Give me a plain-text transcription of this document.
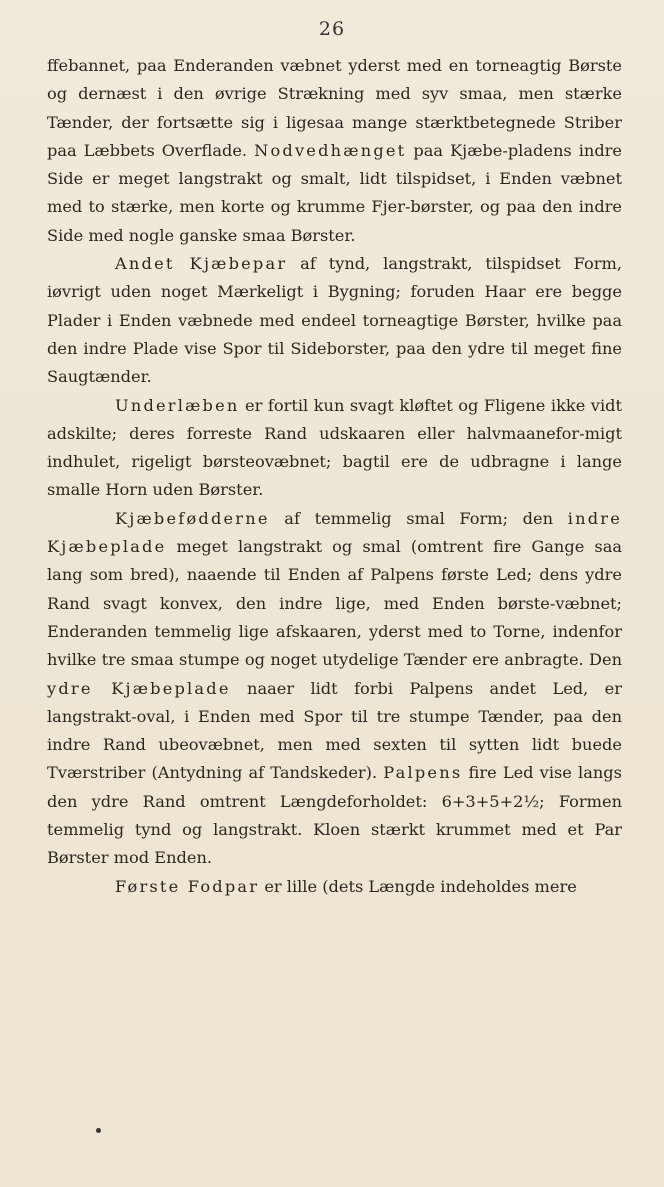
26

ffebannet, paa Enderanden væbnet yderst med en torneagtig Børste og dernæst i den øvrige Strækning med syv smaa, men stærke Tænder, der fortsætte sig i ligesaa mange stærktbetegnede Striber paa Læbbets Overflade. Nodvedhænget paa Kjæbe-pladens indre Side er meget langstrakt og smalt, lidt tilspidset, i Enden væbnet med to stærke, men korte og krumme Fjer-børster, og paa den indre Side med nogle ganske smaa Børster.

Andet Kjæbepar af tynd, langstrakt, tilspidset Form, iøvrigt uden noget Mærkeligt i Bygning; foruden Haar ere begge Plader i Enden væbnede med endeel torneagtige Børster, hvilke paa den indre Plade vise Spor til Sideborster, paa den ydre til meget fine Saugtænder.

Underlæben er fortil kun svagt kløftet og Fligene ikke vidt adskilte; deres forreste Rand udskaaren eller halvmaanefor-migt indhulet, rigeligt børsteovæbnet; bagtil ere de udbragne i lange smalle Horn uden Børster.

Kjæbefødderne af temmelig smal Form; den indre Kjæbeplade meget langstrakt og smal (omtrent fire Gange saa lang som bred), naaende til Enden af Palpens første Led; dens ydre Rand svagt konvex, den indre lige, med Enden børste-væbnet; Enderanden temmelig lige afskaaren, yderst med to Torne, indenfor hvilke tre smaa stumpe og noget utydelige Tænder ere anbragte. Den ydre Kjæbeplade naaer lidt forbi Palpens andet Led, er langstrakt-oval, i Enden med Spor til tre stumpe Tænder, paa den indre Rand ubeovæbnet, men med sexten til sytten lidt buede Tværstriber (Antydning af Tandskeder). Palpens fire Led vise langs den ydre Rand omtrent Længdeforholdet: 6+3+5+2½; Formen temmelig tynd og langstrakt. Kloen stærkt krummet med et Par Børster mod Enden.

Første Fodpar er lille (dets Længde indeholdes mere
